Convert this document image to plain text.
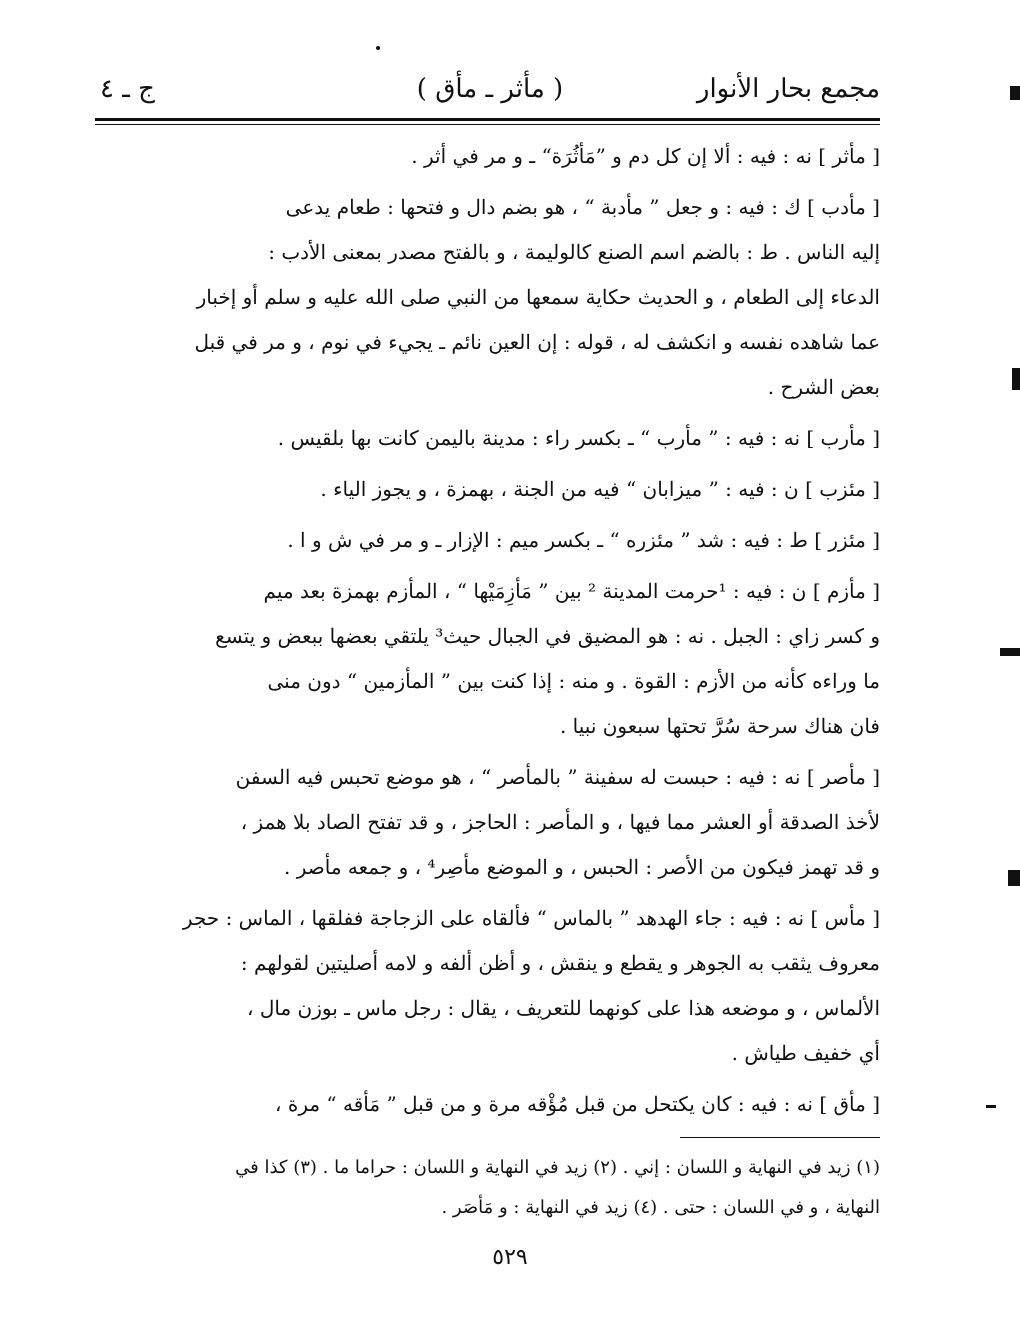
مجمع بحار الأنوار
( مأثر ـ مأق )
ج ـ ٤

[ مأثر ] نه : فيه : ألا إن كل دم و ”مَأثُرَة“ ـ و مر في أثر .

[ مأدب ] ك : فيه : و جعل ” مأدبة “ ، هو بضم دال و فتحها : طعام يدعى

إليه الناس . ط : بالضم اسم الصنع كالوليمة ، و بالفتح مصدر بمعنى الأدب :

الدعاء إلى الطعام ، و الحديث حكاية سمعها من النبي صلى الله عليه و سلم أو إخبار

عما شاهده نفسه و انكشف له ، قوله : إن العين نائم ـ يجيء في نوم ، و مر في قبل

بعض الشرح .

[ مأرب ] نه : فيه : ” مأرب “ ـ بكسر راء : مدينة باليمن كانت بها بلقيس .

[ مئزب ] ن : فيه : ” ميزابان “ فيه من الجنة ، بهمزة ، و يجوز الياء .

[ مئزر ] ط : فيه : شد ” مئزره “ ـ بكسر ميم : الإزار ـ و مر في ش و ا .

[ مأزم ] ن : فيه : ¹حرمت المدينة ² بين ” مَأزِمَيْها “ ، المأزم بهمزة بعد ميم

و كسر زاي : الجبل . نه : هو المضيق في الجبال حيث³ يلتقي بعضها ببعض و يتسع

ما وراءه كأنه من الأزم : القوة . و منه : إذا كنت بين ” المأزمين “ دون منى

فان هناك سرحة سُرَّ تحتها سبعون نبيا .

[ مأصر ] نه : فيه : حبست له سفينة ” بالمأصر “ ، هو موضع تحبس فيه السفن

لأخذ الصدقة أو العشر مما فيها ، و المأصر : الحاجز ، و قد تفتح الصاد بلا همز ،

و قد تهمز فيكون من الأصر : الحبس ، و الموضع مأصِر⁴ ، و جمعه مأصر .

[ مأس ] نه : فيه : جاء الهدهد ” بالماس “ فألقاه على الزجاجة ففلقها ، الماس : حجر

معروف يثقب به الجوهر و يقطع و ينقش ، و أظن ألفه و لامه أصليتين لقولهم :

الألماس ، و موضعه هذا على كونهما للتعريف ، يقال : رجل ماس ـ بوزن مال ،

أي خفيف طياش .

[ مأق ] نه : فيه : كان يكتحل من قبل مُؤْقه مرة و من قبل ” مَأقه “ مرة ،

(١) زيد في النهاية و اللسان : إني . (٢) زيد في النهاية و اللسان : حراما ما . (٣) كذا في

النهاية ، و في اللسان : حتى . (٤) زيد في النهاية : و مَأصَر .

٥٢٩
